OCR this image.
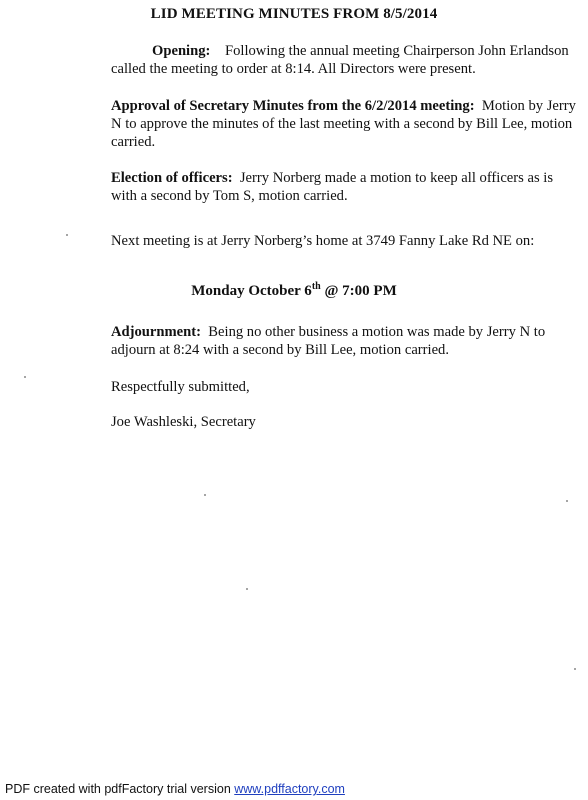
LID MEETING MINUTES FROM 8/5/2014
Opening: Following the annual meeting Chairperson John Erlandson called the meeting to order at 8:14. All Directors were present.
Approval of Secretary Minutes from the 6/2/2014 meeting: Motion by Jerry N to approve the minutes of the last meeting with a second by Bill Lee, motion carried.
Election of officers: Jerry Norberg made a motion to keep all officers as is with a second by Tom S, motion carried.
Next meeting is at Jerry Norberg’s home at 3749 Fanny Lake Rd NE on:
Monday October 6th @ 7:00 PM
Adjournment: Being no other business a motion was made by Jerry N to adjourn at 8:24 with a second by Bill Lee, motion carried.
Respectfully submitted,
Joe Washleski, Secretary
PDF created with pdfFactory trial version www.pdffactory.com
